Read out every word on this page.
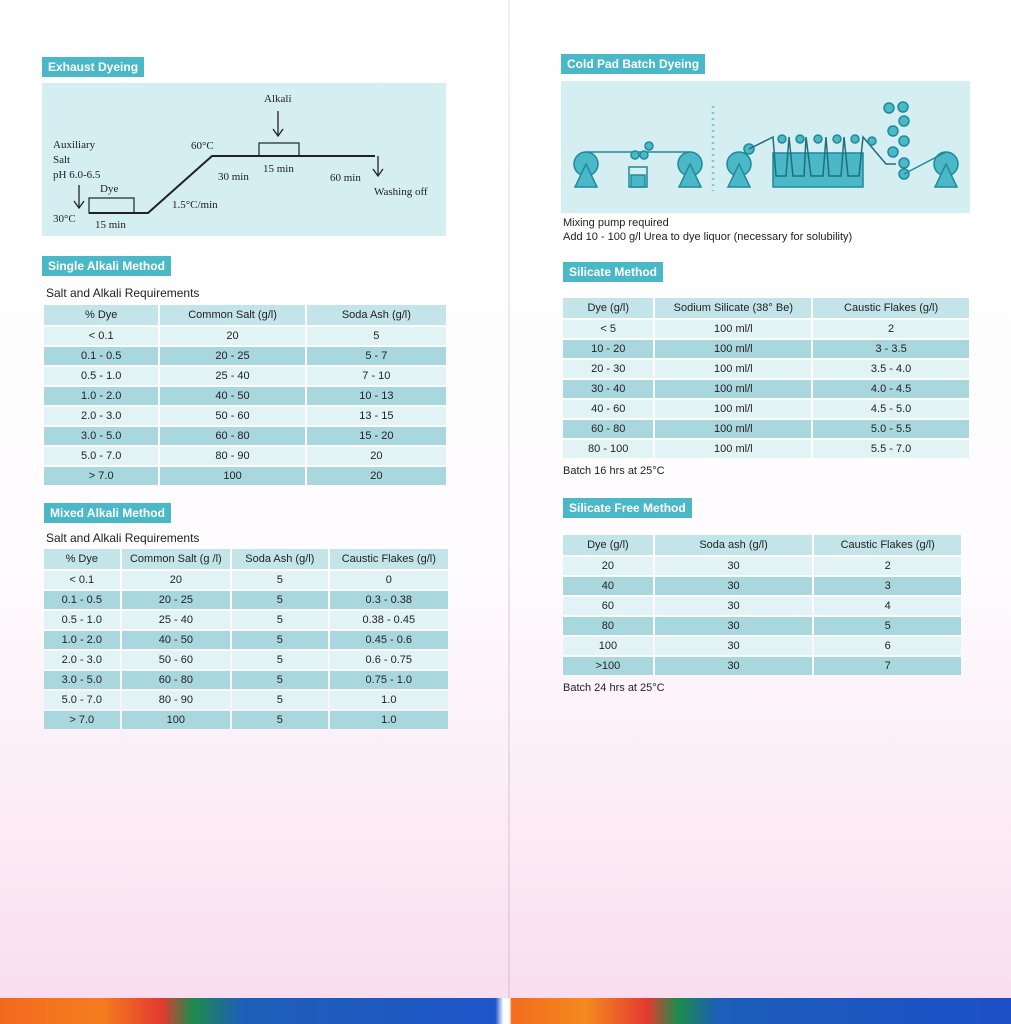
Exhaust Dyeing
Alkali
Auxiliary
Salt
pH 6.0-6.5
Dye
30°C 15 min
1.5°C/min
60°C
30 min
15 min
60 min
Washing off
Single Alkali Method
Salt and Alkali Requirements
% Dye	Common Salt (g/l)	Soda Ash (g/l)
< 0.1	20	5
0.1 - 0.5	20 - 25	5 - 7
0.5 - 1.0	25 - 40	7 - 10
1.0 - 2.0	40 - 50	10 - 13
2.0 - 3.0	50 - 60	13 - 15
3.0 - 5.0	60 - 80	15 - 20
5.0 - 7.0	80 - 90	20
> 7.0	100	20
Mixed Alkali Method
Salt and Alkali Requirements
% Dye	Common Salt (g /l)	Soda Ash (g/l)	Caustic Flakes (g/l)
< 0.1	20	5	0
0.1 - 0.5	20 - 25	5	0.3 - 0.38
0.5 - 1.0	25 - 40	5	0.38 - 0.45
1.0 - 2.0	40 - 50	5	0.45 - 0.6
2.0 - 3.0	50 - 60	5	0.6 - 0.75
3.0 - 5.0	60 - 80	5	0.75 - 1.0
5.0 - 7.0	80 - 90	5	1.0
> 7.0	100	5	1.0
Cold Pad Batch Dyeing
Mixing pump required
Add 10 - 100 g/l Urea to dye liquor (necessary for solubility)
Silicate Method
Dye (g/l)	Sodium Silicate (38° Be)	Caustic Flakes (g/l)
< 5	100 ml/l	2
10 - 20	100 ml/l	3 - 3.5
20 - 30	100 ml/l	3.5 - 4.0
30 - 40	100 ml/l	4.0 - 4.5
40 - 60	100 ml/l	4.5 - 5.0
60 - 80	100 ml/l	5.0 - 5.5
80 - 100	100 ml/l	5.5 - 7.0
Batch 16 hrs at 25°C
Silicate Free Method
Dye (g/l)	Soda ash (g/l)	Caustic Flakes (g/l)
20	30	2
40	30	3
60	30	4
80	30	5
100	30	6
>100	30	7
Batch 24 hrs at 25°C
